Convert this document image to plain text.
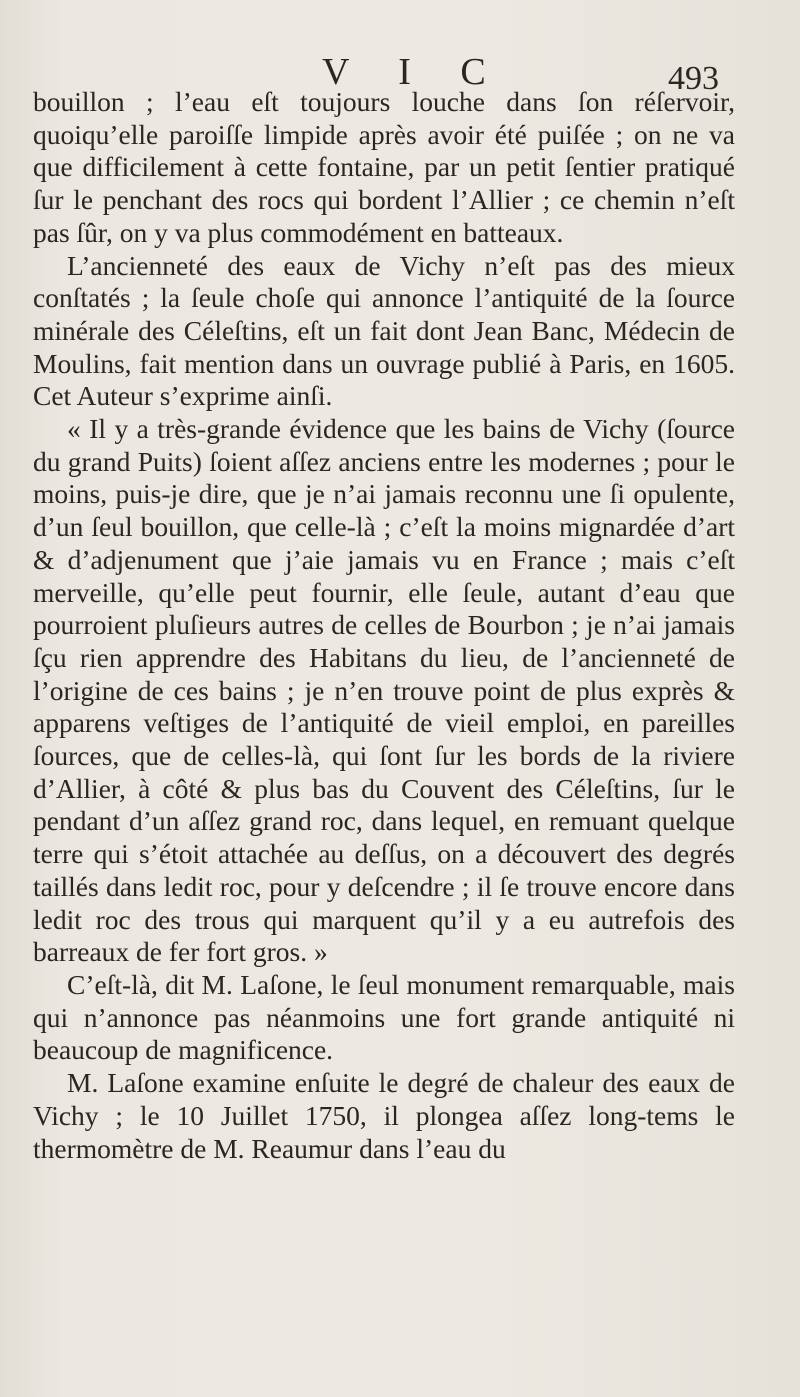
V I C	493

bouillon ; l’eau eſt toujours louche dans ſon réſervoir, quoiqu’elle paroiſſe limpide après avoir été puiſée ; on ne va que difficilement à cette fontaine, par un petit ſentier pratiqué ſur le penchant des rocs qui bordent l’Allier ; ce chemin n’eſt pas ſûr, on y va plus commodément en batteaux.

L’ancienneté des eaux de Vichy n’eſt pas des mieux conſtatés ; la ſeule choſe qui annonce l’antiquité de la ſource minérale des Céleſtins, eſt un fait dont Jean Banc, Médecin de Moulins, fait mention dans un ouvrage publié à Paris, en 1605. Cet Auteur s’exprime ainſi.

« Il y a très-grande évidence que les bains de Vichy (ſource du grand Puits) ſoient aſſez anciens entre les modernes ; pour le moins, puis-je dire, que je n’ai jamais reconnu une ſi opulente, d’un ſeul bouillon, que celle-là ; c’eſt la moins mignardée d’art & d’adjenument que j’aie jamais vu en France ; mais c’eſt merveille, qu’elle peut fournir, elle ſeule, autant d’eau que pourroient pluſieurs autres de celles de Bourbon ; je n’ai jamais ſçu rien apprendre des Habitans du lieu, de l’ancienneté de l’origine de ces bains ; je n’en trouve point de plus exprès & apparens veſtiges de l’antiquité de vieil emploi, en pareilles ſources, que de celles-là, qui ſont ſur les bords de la riviere d’Allier, à côté & plus bas du Couvent des Céleſtins, ſur le pendant d’un aſſez grand roc, dans lequel, en remuant quelque terre qui s’étoit attachée au deſſus, on a découvert des degrés taillés dans ledit roc, pour y deſcendre ; il ſe trouve encore dans ledit roc des trous qui marquent qu’il y a eu autrefois des barreaux de fer fort gros. »

C’eſt-là, dit M. Laſone, le ſeul monument remarquable, mais qui n’annonce pas néanmoins une fort grande antiquité ni beaucoup de magnificence.

M. Laſone examine enſuite le degré de chaleur des eaux de Vichy ; le 10 Juillet 1750, il plongea aſſez long-tems le thermomètre de M. Reaumur dans l’eau du
